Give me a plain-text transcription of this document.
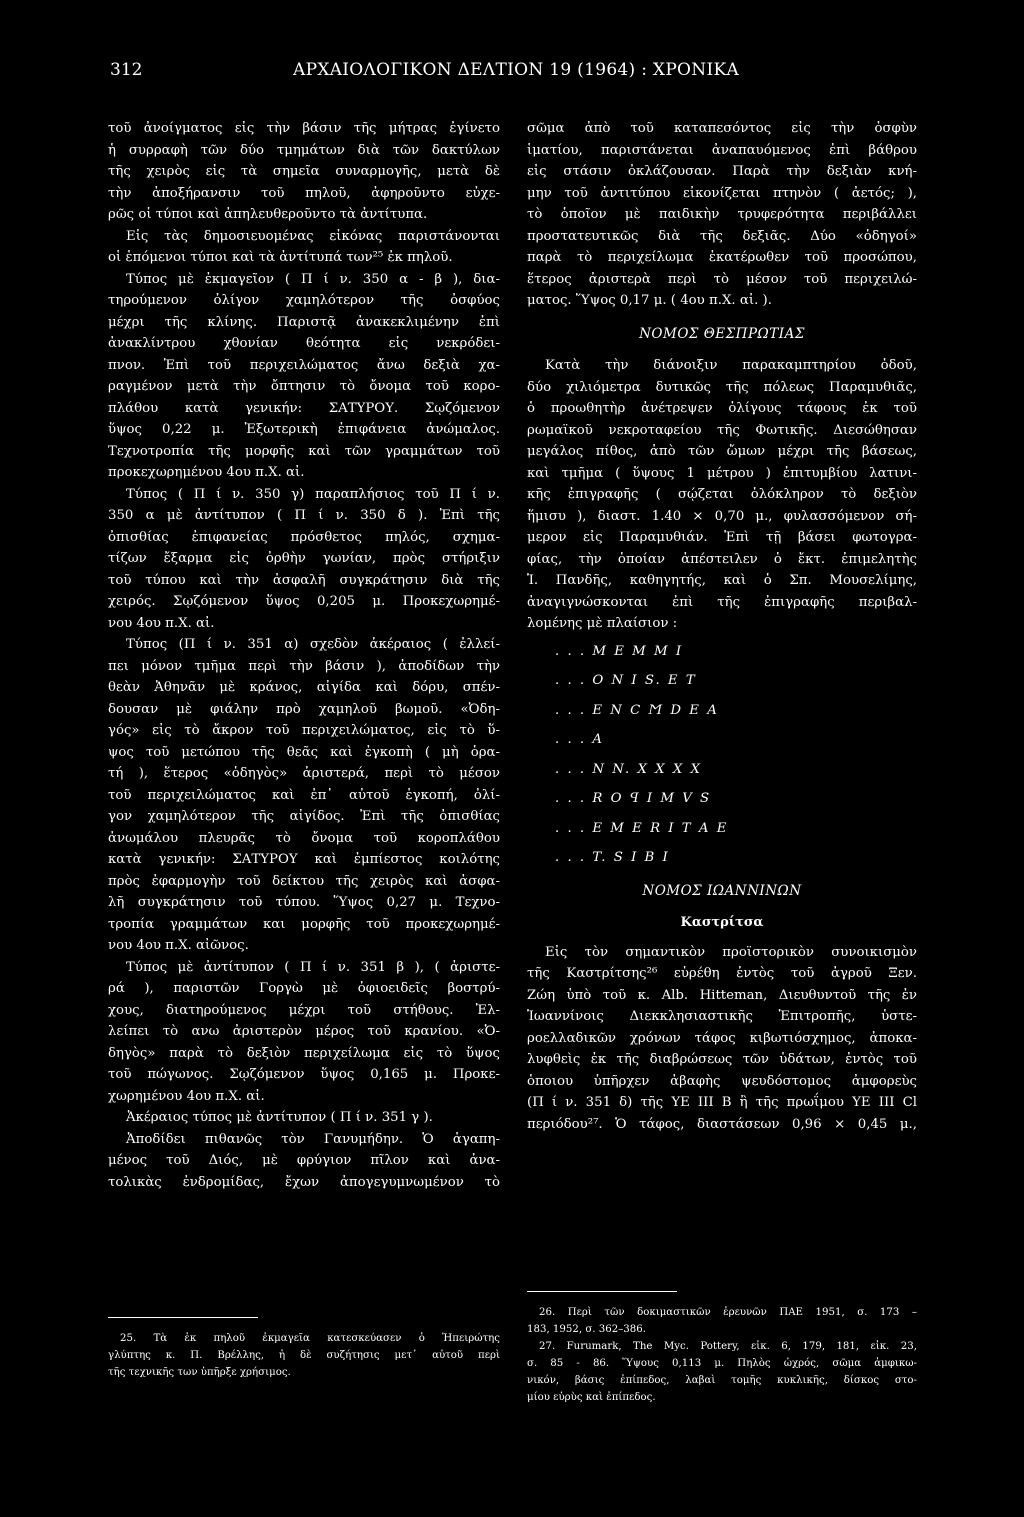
312	ΑΡΧΑΙΟΛΟΓΙΚΟΝ ΔΕΛΤΙΟΝ 19 (1964) : ΧΡΟΝΙΚΑ
τοῦ ἀνοίγματος εἰς τὴν βάσιν τῆς μήτρας ἐγίνετο
ἡ συρραφὴ τῶν δύο τμημάτων διὰ τῶν δακτύλων
τῆς χειρὸς εἰς τὰ σημεῖα συναρμογῆς, μετὰ δὲ
τὴν ἀποξήρανσιν τοῦ πηλοῦ, ἀφηροῦντο εὐχε-
ρῶς οἱ τύποι καὶ ἀπηλευθεροῦντο τὰ ἀντίτυπα.
Εἰς τὰς δημοσιευομένας εἰκόνας παριστάνονται
οἱ ἑπόμενοι τύποι καὶ τὰ ἀντίτυπά των²⁵ ἐκ πηλοῦ.
Τύπος μὲ ἐκμαγεῖον ( Π ί ν. 350 α - β ), δια-
τηρούμενον ὀλίγον χαμηλότερον τῆς ὀσφύος
μέχρι τῆς κλίνης. Παριστᾷ ἀνακεκλιμένην ἐπὶ
ἀνακλίντρου χθονίαν θεότητα εἰς νεκρόδει-
πνον. Ἐπὶ τοῦ περιχειλώματος ἄνω δεξιὰ χα-
ραγμένον μετὰ τὴν ὄπτησιν τὸ ὄνομα τοῦ κορο-
πλάθου κατὰ γενικήν: ΣΑΤΥΡΟΥ. Σῳζόμενον
ὕψος 0,22 μ. Ἐξωτερικὴ ἐπιφάνεια ἀνώμαλος.
Τεχνοτροπία τῆς μορφῆς καὶ τῶν γραμμάτων τοῦ
προκεχωρημένου 4ου π.Χ. αἰ.
Τύπος ( Π ί ν. 350 γ) παραπλήσιος τοῦ Π ί ν.
350 α μὲ ἀντίτυπον ( Π ί ν. 350 δ ). Ἐπὶ τῆς
ὀπισθίας ἐπιφανείας πρόσθετος πηλός, σχημα-
τίζων ἔξαρμα εἰς ὀρθὴν γωνίαν, πρὸς στήριξιν
τοῦ τύπου καὶ τὴν ἀσφαλῆ συγκράτησιν διὰ τῆς
χειρός. Σῳζόμενον ὕψος 0,205 μ. Προκεχωρημέ-
νου 4ου π.Χ. αἰ.
Τύπος (Π ί ν. 351 α) σχεδὸν ἀκέραιος ( ἐλλεί-
πει μόνον τμῆμα περὶ τὴν βάσιν ), ἀποδίδων τὴν
θεὰν Ἀθηνᾶν μὲ κράνος, αἰγίδα καὶ δόρυ, σπέν-
δουσαν μὲ φιάλην πρὸ χαμηλοῦ βωμοῦ. «Ὀδη-
γός» εἰς τὸ ἄκρον τοῦ περιχειλώματος, εἰς τὸ ὕ-
ψος τοῦ μετώπου τῆς θεᾶς καὶ ἐγκοπὴ ( μὴ ὁρα-
τή ), ἕτερος «ὁδηγὸς» ἀριστερά, περὶ τὸ μέσον
τοῦ περιχειλώματος καὶ ἐπ᾽ αὐτοῦ ἐγκοπή, ὀλί-
γον χαμηλότερον τῆς αἰγίδος. Ἐπὶ τῆς ὀπισθίας
ἀνωμάλου πλευρᾶς τὸ ὄνομα τοῦ κοροπλάθου
κατὰ γενικήν: ΣΑΤΥΡΟΥ καὶ ἐμπίεστος κοιλότης
πρὸς ἐφαρμογὴν τοῦ δείκτου τῆς χειρὸς καὶ ἀσφα-
λῆ συγκράτησιν τοῦ τύπου. Ὕψος 0,27 μ. Τεχνο-
τροπία γραμμάτων και μορφῆς τοῦ προκεχωρημέ-
νου 4ου π.Χ. αἰῶνος.
Τύπος μὲ ἀντίτυπον ( Π ί ν. 351 β ), ( ἀριστε-
ρά ), παριστῶν Γοργὼ μὲ ὀφιοειδεῖς βοστρύ-
χους, διατηρούμενος μέχρι τοῦ στήθους. Ἐλ-
λείπει τὸ ανω ἀριστερὸν μέρος τοῦ κρανίου. «Ὀ-
δηγὸς» παρὰ τὸ δεξιὸν περιχείλωμα εἰς τὸ ὕψος
τοῦ πώγωνος. Σῳζόμενον ὕψος 0,165 μ. Προκε-
χωρημένου 4ου π.Χ. αἰ.
Ἀκέραιος τύπος μὲ ἀντίτυπον ( Π ί ν. 351 γ ).
Ἀποδίδει πιθανῶς τὸν Γανυμήδην. Ὁ ἀγαπη-
μένος τοῦ Διός, μὲ φρύγιον πῖλον καὶ ἀνα-
τολικὰς ἐνδρομίδας, ἔχων ἀπογεγυμνωμένον τὸ
σῶμα ἀπὸ τοῦ καταπεσόντος εἰς τὴν ὀσφὺν
ἱματίου, παριστάνεται ἀναπαυόμενος ἐπὶ βάθρου
εἰς στάσιν ὀκλάζουσαν. Παρὰ τὴν δεξιὰν κνή-
μην τοῦ ἀντιτύπου εἰκονίζεται πτηνὸν ( ἀετός; ),
τὸ ὁποῖον μὲ παιδικὴν τρυφερότητα περιβάλλει
προστατευτικῶς διὰ τῆς δεξιᾶς. Δύο «ὁδηγοί»
παρὰ τὸ περιχείλωμα ἑκατέρωθεν τοῦ προσώπου,
ἕτερος ἀριστερὰ περὶ τὸ μέσον τοῦ περιχειλώ-
ματος. Ὕψος 0,17 μ. ( 4ου π.Χ. αἰ. ).
ΝΟΜΟΣ ΘΕΣΠΡΩΤΙΑΣ
Κατὰ τὴν διάνοιξιν παρακαμπτηρίου ὁδοῦ,
δύο χιλιόμετρα δυτικῶς τῆς πόλεως Παραμυθιᾶς,
ὁ προωθητὴρ ἀνέτρεψεν ὀλίγους τάφους ἐκ τοῦ
ρωμαϊκοῦ νεκροταφείου τῆς Φωτικῆς. Διεσώθησαν
μεγάλος πίθος, ἀπὸ τῶν ὤμων μέχρι τῆς βάσεως,
καὶ τμῆμα ( ὕψους 1 μέτρου ) ἐπιτυμβίου λατινι-
κῆς ἐπιγραφῆς ( σῴζεται ὁλόκληρον τὸ δεξιὸν
ἥμισυ ), διαστ. 1.40 × 0,70 μ., φυλασσόμενον σή-
μερον εἰς Παραμυθιάν. Ἐπὶ τῇ βάσει φωτογρα-
φίας, τὴν ὁποίαν ἀπέστειλεν ὁ ἔκτ. ἐπιμελητὴς
Ἰ. Πανδῆς, καθηγητής, καὶ ὁ Σπ. Μουσελίμης,
ἀναγιγνώσκονται ἐπὶ τῆς ἐπιγραφῆς περιβαλ-
λομένης μὲ πλαίσιον :
. . . M E M M I
. . . O N I S. E T
. . . E N C Ϻ D E A
. . . A
. . . N N. X X X X
. . . R O ꟼ I M V S
. . . E M E R I T A E
. . . T. S I B I
ΝΟΜΟΣ ΙΩΑΝΝΙΝΩΝ
Καστρίτσα
Εἰς τὸν σημαντικὸν προϊστορικὸν συνοικισμὸν
τῆς Καστρίτσης²⁶ εὑρέθη ἐντὸς τοῦ ἀγροῦ Ξεν.
Ζώη ὑπὸ τοῦ κ. Alb. Hitteman, Διευθυντοῦ τῆς ἐν
Ἰωαννίνοις Διεκκλησιαστικῆς Ἐπιτροπῆς, ὑστε-
ροελλαδικῶν χρόνων τάφος κιβωτιόσχημος, ἀποκα-
λυφθεὶς ἐκ τῆς διαβρώσεως τῶν ὑδάτων, ἐντὸς τοῦ
ὁποιου ὑπῆρχεν ἀβαφὴς ψευδόστομος ἀμφορεὺς
(Π ί ν. 351 δ) τῆς ΥΕ ΙΙΙ Β ἢ τῆς πρωΐμου ΥΕ ΙΙΙ Cl
περιόδου²⁷. Ὁ τάφος, διαστάσεων 0,96 × 0,45 μ.,
25. Τὰ ἐκ πηλοῦ ἐκμαγεῖα κατεσκεύασεν ὁ Ἠπειρώτης
γλύπτης κ. Π. Βρέλλης, ἡ δὲ συζήτησις μετ᾽ αὐτοῦ περὶ
τῆς τεχνικῆς των ὑπῆρξε χρήσιμος.
26. Περὶ τῶν δοκιμαστικῶν ἐρευνῶν ΠΑΕ 1951, σ. 173 –
183, 1952, σ. 362–386.
27. Furumark, The Myc. Pottery, εἰκ. 6, 179, 181, εἰκ. 23,
σ. 85 - 86. Ὕψους 0,113 μ. Πηλὸς ὠχρός, σῶμα ἀμφικω-
νικόν, βάσις ἐπίπεδος, λαβαὶ τομῆς κυκλικῆς, δίσκος στο-
μίου εὐρὺς καὶ ἐπίπεδος.
